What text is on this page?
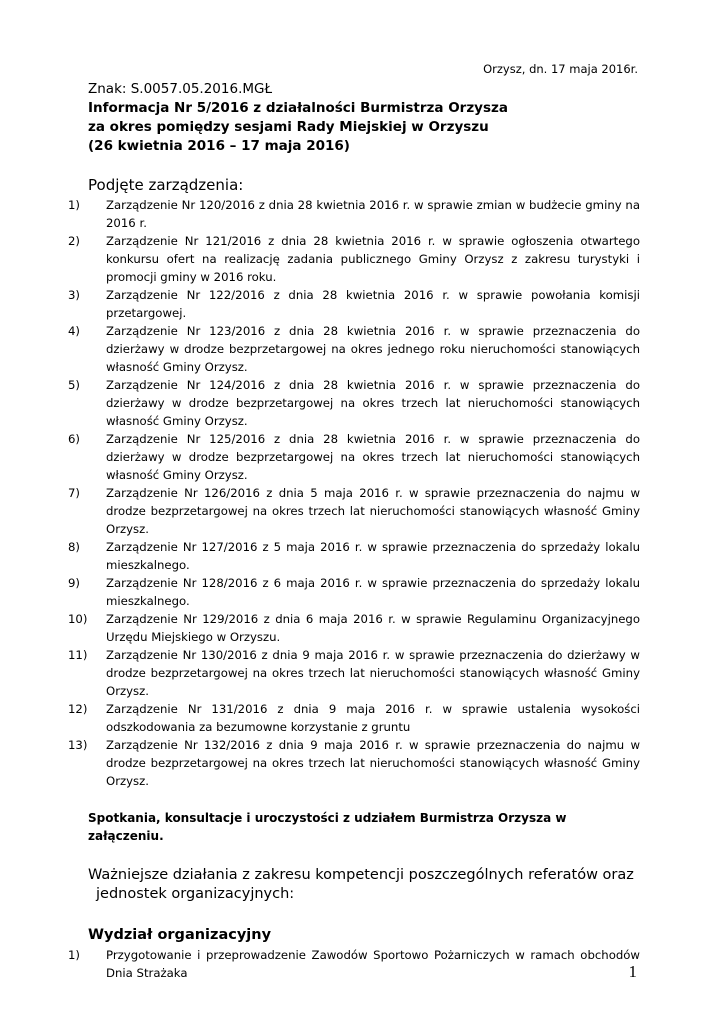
Orzysz, dn. 17 maja 2016r.

Znak: S.0057.05.2016.MGŁ

Informacja Nr 5/2016 z działalności Burmistrza Orzysza

za okres pomiędzy sesjami Rady Miejskiej w Orzyszu

(26 kwietnia 2016 – 17 maja 2016)

Podjęte zarządzenia:

1) Zarządzenie Nr 120/2016 z dnia 28 kwietnia 2016 r. w sprawie zmian w budżecie gminy na 2016 r.
2) Zarządzenie Nr 121/2016 z dnia 28 kwietnia 2016 r. w sprawie ogłoszenia otwartego konkursu ofert na realizację zadania publicznego Gminy Orzysz z zakresu turystyki i promocji gminy w 2016 roku.
3) Zarządzenie Nr 122/2016 z dnia 28 kwietnia 2016 r. w sprawie powołania komisji przetargowej.
4) Zarządzenie Nr 123/2016 z dnia 28 kwietnia 2016 r. w sprawie przeznaczenia do dzierżawy w drodze bezprzetargowej na okres jednego roku nieruchomości stanowiących własność Gminy Orzysz.
5) Zarządzenie Nr 124/2016 z dnia 28 kwietnia 2016 r. w sprawie przeznaczenia do dzierżawy w drodze bezprzetargowej na okres trzech lat nieruchomości stanowiących własność Gminy Orzysz.
6) Zarządzenie Nr 125/2016 z dnia 28 kwietnia 2016 r. w sprawie przeznaczenia do dzierżawy w drodze bezprzetargowej na okres trzech lat nieruchomości stanowiących własność Gminy Orzysz.
7) Zarządzenie Nr 126/2016 z dnia 5 maja 2016 r. w sprawie przeznaczenia do najmu w drodze bezprzetargowej na okres trzech lat nieruchomości stanowiących własność Gminy Orzysz.
8) Zarządzenie Nr 127/2016 z 5 maja 2016 r. w sprawie przeznaczenia do sprzedaży lokalu mieszkalnego.
9) Zarządzenie Nr 128/2016 z 6 maja 2016 r. w sprawie przeznaczenia do sprzedaży lokalu mieszkalnego.
10) Zarządzenie Nr 129/2016 z dnia 6 maja 2016 r. w sprawie Regulaminu Organizacyjnego Urzędu Miejskiego w Orzyszu.
11) Zarządzenie Nr 130/2016 z dnia 9 maja 2016 r. w sprawie przeznaczenia do dzierżawy w drodze bezprzetargowej na okres trzech lat nieruchomości stanowiących własność Gminy Orzysz.
12) Zarządzenie Nr 131/2016 z dnia 9 maja 2016 r. w sprawie ustalenia wysokości odszkodowania za bezumowne korzystanie z gruntu
13) Zarządzenie Nr 132/2016 z dnia 9 maja 2016 r. w sprawie przeznaczenia do najmu w drodze bezprzetargowej na okres trzech lat nieruchomości stanowiących własność Gminy Orzysz.

Spotkania, konsultacje i uroczystości z udziałem Burmistrza Orzysza w załączeniu.

Ważniejsze działania z zakresu kompetencji poszczególnych referatów oraz jednostek organizacyjnych:

Wydział organizacyjny

1) Przygotowanie i przeprowadzenie Zawodów Sportowo Pożarniczych w ramach obchodów Dnia Strażaka	1
